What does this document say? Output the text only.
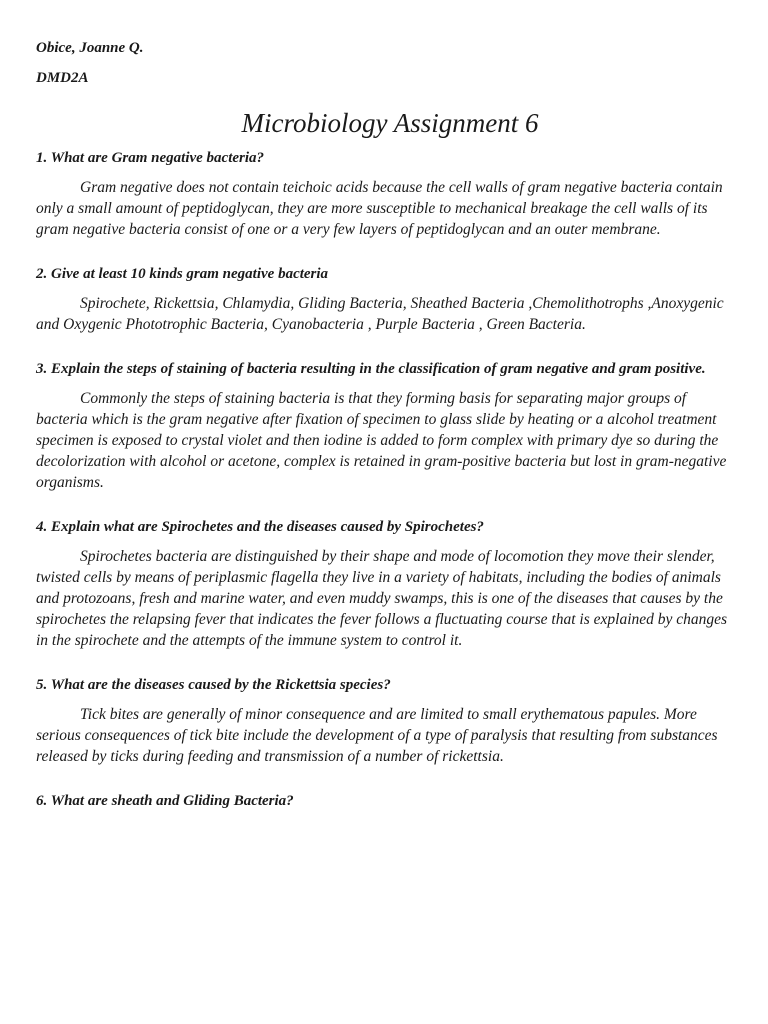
Obice, Joanne Q.

DMD2A

Microbiology Assignment 6

1. What are Gram negative bacteria?

Gram negative does not contain teichoic acids because the cell walls of gram negative bacteria contain only a small amount of peptidoglycan, they are more susceptible to mechanical breakage the cell walls of its gram negative bacteria consist of one or a very few layers of peptidoglycan and an outer membrane.

2. Give at least 10 kinds gram negative bacteria

Spirochete, Rickettsia, Chlamydia, Gliding Bacteria, Sheathed Bacteria ,Chemolithotrophs ,Anoxygenic and Oxygenic Phototrophic Bacteria, Cyanobacteria , Purple Bacteria , Green Bacteria.

3. Explain the steps of staining of bacteria resulting in the classification of gram negative and gram positive.

Commonly the steps of staining bacteria is that they forming basis for separating major groups of bacteria which is the gram negative after fixation of specimen to glass slide by heating or a alcohol treatment specimen is exposed to crystal violet and then iodine is added to form complex with primary dye so during the decolorization with alcohol or acetone, complex is retained in gram-positive bacteria but lost in gram-negative organisms.

4. Explain what are Spirochetes and the diseases caused by Spirochetes?

Spirochetes bacteria are distinguished by their shape and mode of locomotion they move their slender, twisted cells by means of periplasmic flagella they live in a variety of habitats, including the bodies of animals and protozoans, fresh and marine water, and even muddy swamps, this is one of the diseases that causes by the spirochetes the relapsing fever that indicates the fever follows a fluctuating course that is explained by changes in the spirochete and the attempts of the immune system to control it.

5. What are the diseases caused by the Rickettsia species?

Tick bites are generally of minor consequence and are limited to small erythematous papules. More serious consequences of tick bite include the development of a type of paralysis that resulting from substances released by ticks during feeding and transmission of a number of rickettsia.

6. What are sheath and Gliding Bacteria?
